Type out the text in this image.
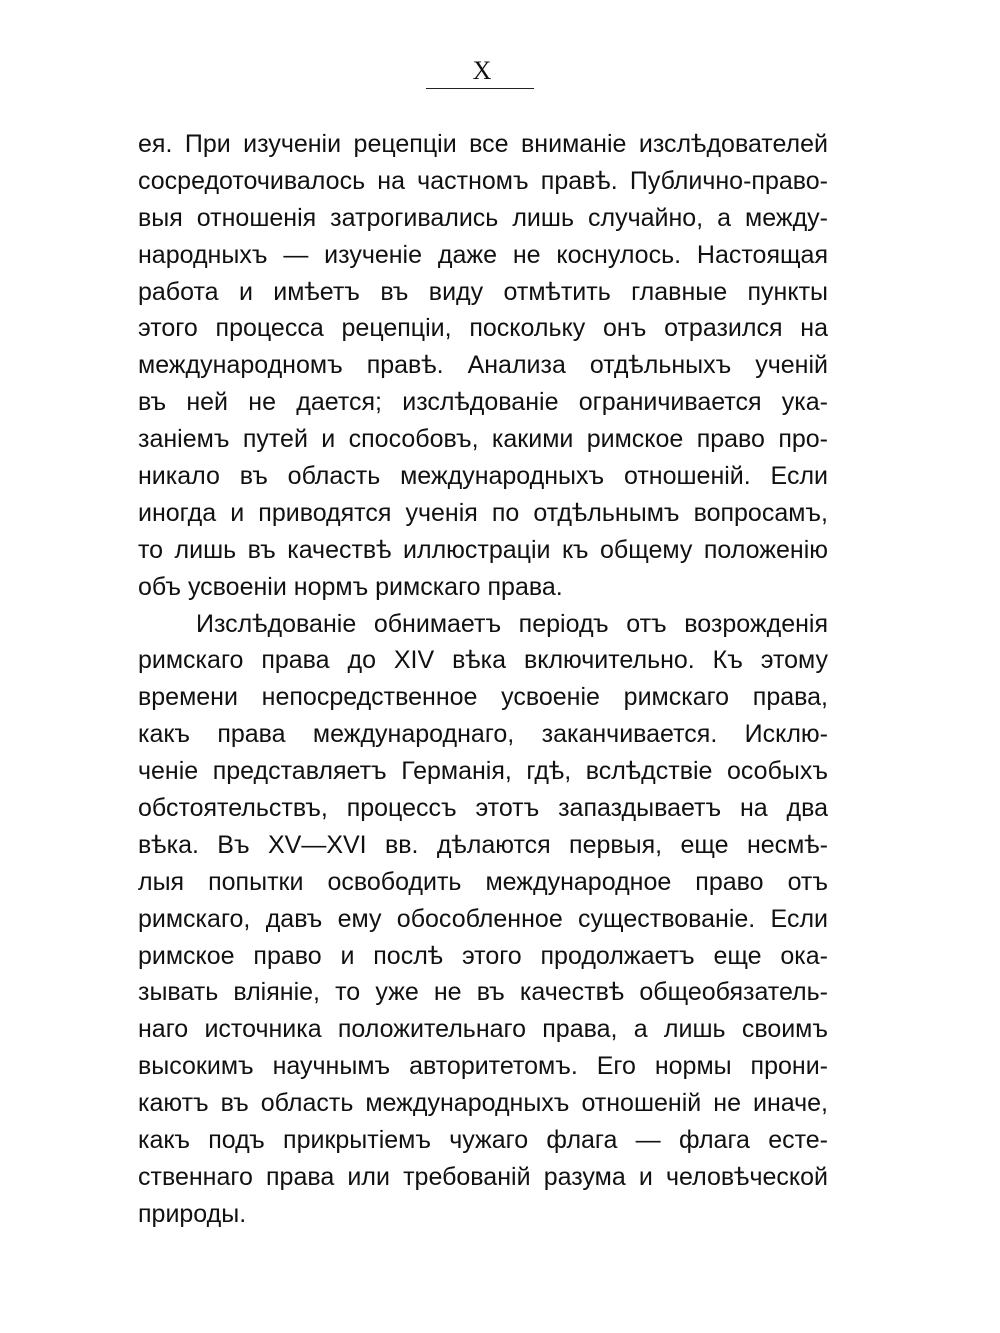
X
ея. При изученіи рецепціи все вниманіе изслѣдователей
сосредоточивалось на частномъ правѣ. Публично-право-
выя отношенія затрогивались лишь случайно, а между-
народныхъ — изученіе даже не коснулось. Настоящая
работа и имѣетъ въ виду отмѣтить главные пункты
этого процесса рецепціи, поскольку онъ отразился на
международномъ правѣ. Анализа отдѣльныхъ ученій
въ ней не дается; изслѣдованіе ограничивается ука-
заніемъ путей и способовъ, какими римское право про-
никало въ область международныхъ отношеній. Если
иногда и приводятся ученія по отдѣльнымъ вопросамъ,
то лишь въ качествѣ иллюстраціи къ общему положенію
объ усвоеніи нормъ римскаго права.
Изслѣдованіе обнимаетъ періодъ отъ возрожденія
римскаго права до XIV вѣка включительно. Къ этому
времени непосредственное усвоеніе римскаго права,
какъ права международнаго, заканчивается. Исклю-
ченіе представляетъ Германія, гдѣ, вслѣдствіе особыхъ
обстоятельствъ, процессъ этотъ запаздываетъ на два
вѣка. Въ XV—XVI вв. дѣлаются первыя, еще несмѣ-
лыя попытки освободить международное право отъ
римскаго, давъ ему обособленное существованіе. Если
римское право и послѣ этого продолжаетъ еще ока-
зывать вліяніе, то уже не въ качествѣ общеобязатель-
наго источника положительнаго права, а лишь своимъ
высокимъ научнымъ авторитетомъ. Его нормы прони-
каютъ въ область международныхъ отношеній не иначе,
какъ подъ прикрытіемъ чужаго флага — флага есте-
ственнаго права или требованій разума и человѣческой
природы.
